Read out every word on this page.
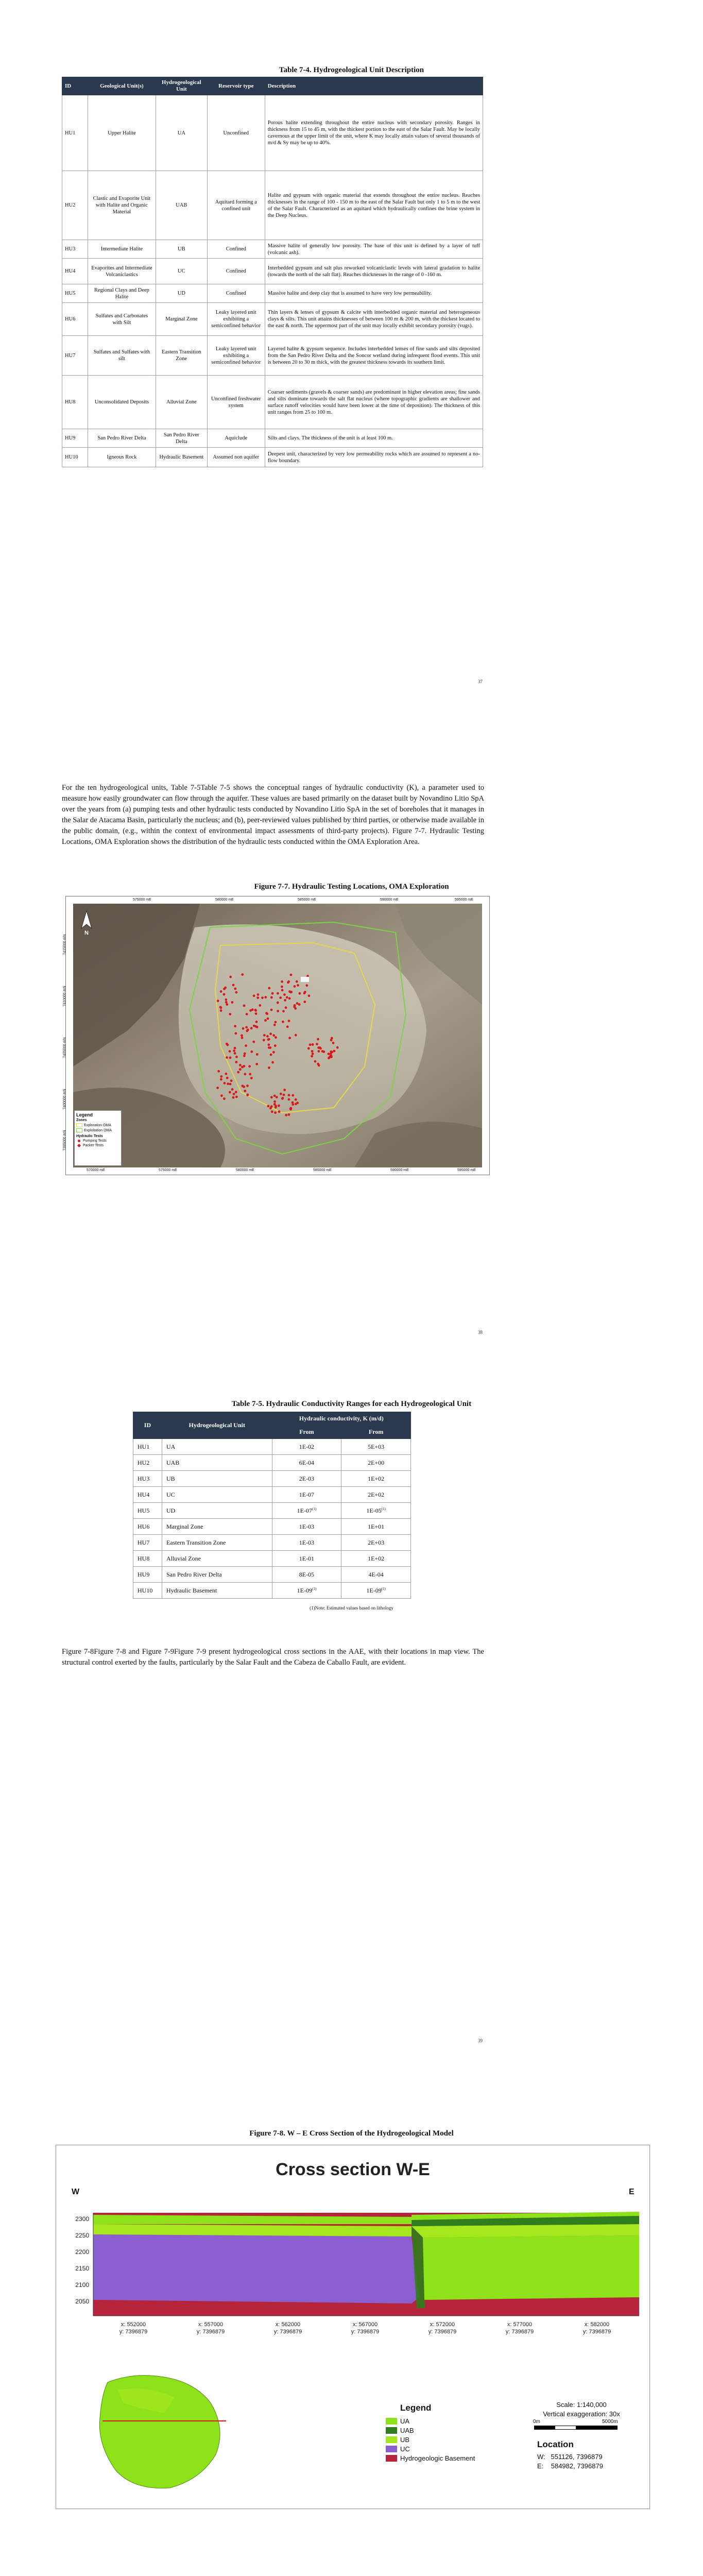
Table 7-4. Hydrogeological Unit Description
ID	Geological Unit(s)	Hydrogeological Unit	Reservoir type	Description
HU1	Upper Halite	UA	Unconfined	Porous halite extending throughout the entire nucleus with secondary porosity. Ranges in thickness from 15 to 45 m, with the thickest portion to the east of the Salar Fault. May be locally cavernous at the upper limit of the unit, where K may locally attain values of several thousands of m/d & Sy may be up to 40%.
HU2	Clastic and Evaporite Unit with Halite and Organic Material	UAB	Aquitard forming a confined unit	Halite and gypsum with organic material that extends throughout the entire nucleus. Reaches thicknesses in the range of 100 - 150 m to the east of the Salar Fault but only 1 to 5 m to the west of the Salar Fault. Characterized as an aquitard which hydraulically confines the brine system in the Deep Nucleus.
HU3	Intermediate Halite	UB	Confined	Massive halite of generally low porosity. The base of this unit is defined by a layer of tuff (volcanic ash).
HU4	Evaporites and Intermediate Volcaniclastics	UC	Confined	Interbedded gypsum and salt plus reworked volcaniclastic levels with lateral gradation to halite (towards the north of the salt flat). Reaches thicknesses in the range of 0 -160 m.
HU5	Regional Clays and Deep Halite	UD	Confined	Massive halite and deep clay that is assumed to have very low permeability.
HU6	Sulfates and Carbonates with Silt	Marginal Zone	Leaky layered unit exhibiting a semiconfined behavior	Thin layers & lenses of gypsum & calcite with interbedded organic material and heterogeneous clays & silts. This unit attains thicknesses of between 100 m & 200 m, with the thickest located to the east & north. The uppermost part of the unit may locally exhibit secondary porosity (vugs).
HU7	Sulfates and Sulfates with silt	Eastern Transition Zone	Leaky layered unit exhibiting a semiconfined behavior	Layered halite & gypsum sequence. Includes interbedded lenses of fine sands and silts deposited from the San Pedro River Delta and the Soncor wetland during infrequent flood events. This unit is between 20 to 30 m thick, with the greatest thickness towards its southern limit.
HU8	Unconsolidated Deposits	Alluvial Zone	Unconfined freshwater system	Coarser sediments (gravels & coarser sands) are predominant in higher elevation areas; fine sands and silts dominate towards the salt flat nucleus (where topographic gradients are shallower and surface runoff velocities would have been lower at the time of deposition). The thickness of this unit ranges from 25 to 100 m.
HU9	San Pedro River Delta	San Pedro River Delta	Aquiclude	Silts and clays. The thickness of the unit is at least 100 m.
HU10	Igneous Rock	Hydraulic Basement	Assumed non aquifer	Deepest unit, characterized by very low permeability rocks which are assumed to represent a no-flow boundary.
37
For the ten hydrogeological units, Table 7-5Table 7-5 shows the conceptual ranges of hydraulic conductivity (K), a parameter used to measure how easily groundwater can flow through the aquifer. These values are based primarily on the dataset built by Novandino Litio SpA over the years from (a) pumping tests and other hydraulic tests conducted by Novandino Litio SpA in the set of boreholes that it manages in the Salar de Atacama Basin, particularly the nucleus; and (b), peer-reviewed values published by third parties, or otherwise made available in the public domain, (e.g., within the context of environmental impact assessments of third-party projects). Figure 7-7. Hydraulic Testing Locations, OMA Exploration shows the distribution of the hydraulic tests conducted within the OMA Exploration Area.
Figure 7-7. Hydraulic Testing Locations, OMA Exploration
N
575000 mE	580000 mE	585000 mE	590000 mE	595000 mE
570000 mE	575000 mE	580000 mE	585000 mE	590000 mE	595000 mE
7415000 mN
7410000 mN
7405000 mN
7400000 mN
7395000 mN
Legend
Zones
Exploration OMA
Exploitation OMA
Hydraulic Tests
Pumping Tests
Packer Tests
38
Table 7-5. Hydraulic Conductivity Ranges for each Hydrogeological Unit
ID	Hydrogeological Unit	Hydraulic conductivity, K (m/d)	
		From	From
HU1	UA	1E-02	5E+03
HU2	UAB	6E-04	2E+00
HU3	UB	2E-03	1E+02
HU4	UC	1E-07	2E+02
HU5	UD	1E-07$^{(1)}$	1E-05$^{(1)}$
HU6	Marginal Zone	1E-03	1E+01
HU7	Eastern Transition Zone	1E-03	2E+03
HU8	Alluvial Zone	1E-01	1E+02
HU9	San Pedro River Delta	8E-05	4E-04
HU10	Hydraulic Basement	1E-09$^{(1)}$	1E-09$^{(1)}$
(1)Note: Estimated values based on lithology
Figure 7-8Figure 7-8 and Figure 7-9Figure 7-9 present hydrogeological cross sections in the AAE, with their locations in map view. The structural control exerted by the faults, particularly by the Salar Fault and the Cabeza de Caballo Fault, are evident.
39
Figure 7-8. W – E Cross Section of the Hydrogeological Model
Cross section W-E
W	E
2300
2250
2200
2150
2100
2050
x: 552000
y: 7396879
x: 557000
y: 7396879
x: 562000
y: 7396879
x: 567000
y: 7396879
x: 572000
y: 7396879
x: 577000
y: 7396879
x: 582000
y: 7396879
Legend
UA
UAB
UB
UC
Hydrogeologic Basement
Scale: 1:140,000
Vertical exaggeration: 30x
0m	5000m
Location
W:   551126, 7396879
E:    584982, 7396879
